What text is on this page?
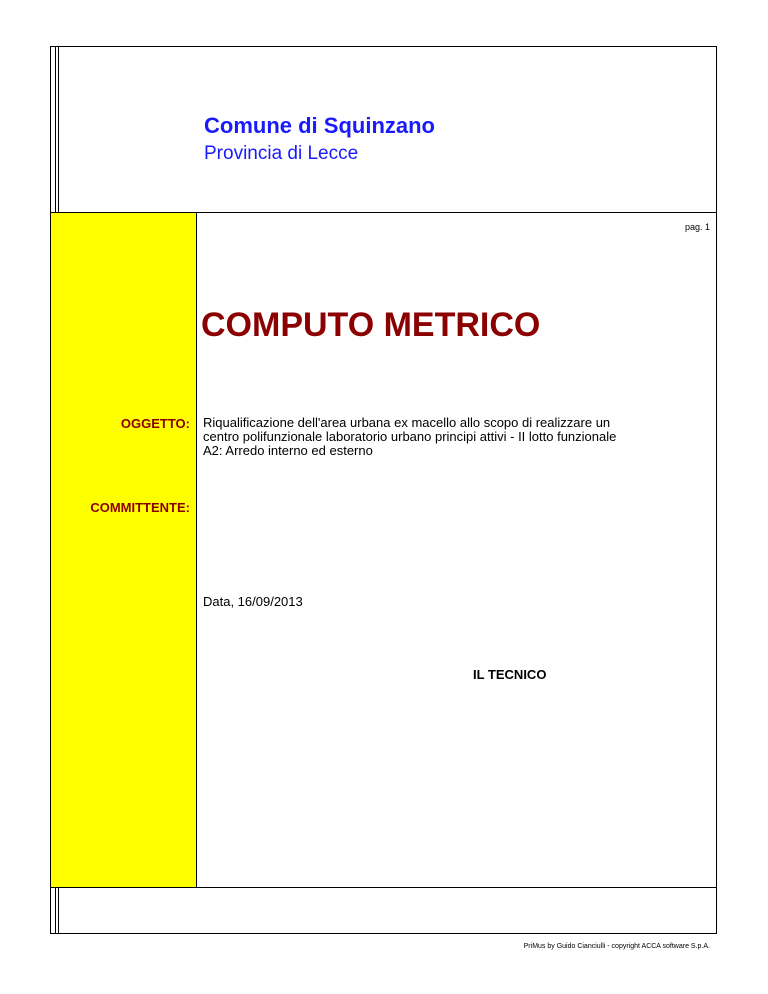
Comune di Squinzano
Provincia di Lecce
pag. 1
COMPUTO METRICO
OGGETTO: Riqualificazione dell'area urbana ex macello allo scopo di realizzare un
centro polifunzionale laboratorio urbano principi attivi - II lotto funzionale
A2: Arredo interno ed esterno
COMMITTENTE:
Data, 16/09/2013
IL TECNICO
PriMus by Guido Cianciulli - copyright ACCA software S.p.A.
